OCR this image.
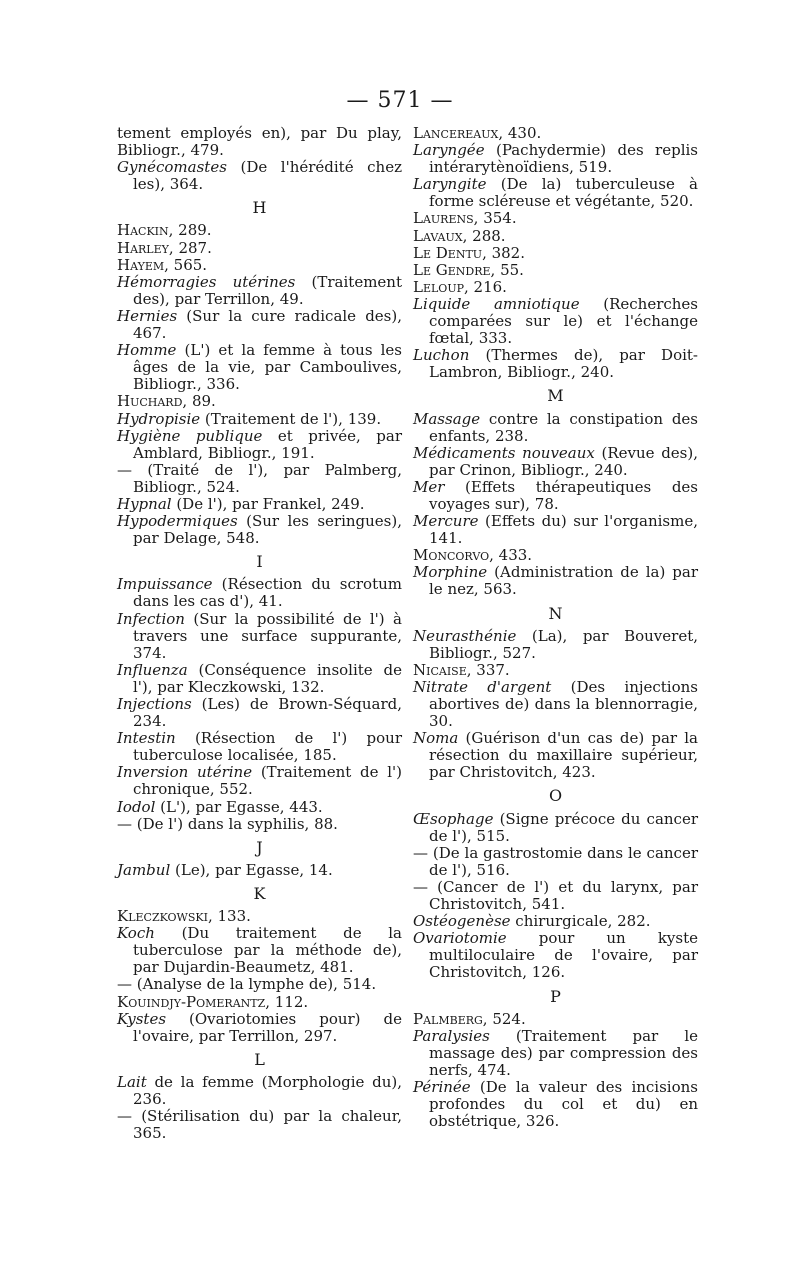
— 571 —

tement employés en), par Du play, Bibliogr., 479.

Gynécomastes (De l'hérédité chez les), 364.

H

Hackin, 289.

Harley, 287.

Hayem, 565.

Hémorragies utérines (Traitement des), par Terrillon, 49.

Hernies (Sur la cure radicale des), 467.

Homme (L') et la femme à tous les âges de la vie, par Camboulives, Bibliogr., 336.

Huchard, 89.

Hydropisie (Traitement de l'), 139.

Hygiène publique et privée, par Amblard, Bibliogr., 191.

— (Traité de l'), par Palmberg, Bibliogr., 524.

Hypnal (De l'), par Frankel, 249.

Hypodermiques (Sur les seringues), par Delage, 548.

I

Impuissance (Résection du scrotum dans les cas d'), 41.

Infection (Sur la possibilité de l') à travers une surface suppurante, 374.

Influenza (Conséquence insolite de l'), par Kleczkowski, 132.

Injections (Les) de Brown-Séquard, 234.

Intestin (Résection de l') pour tuberculose localisée, 185.

Inversion utérine (Traitement de l') chronique, 552.

Iodol (L'), par Egasse, 443.

— (De l') dans la syphilis, 88.

J

Jambul (Le), par Egasse, 14.

K

Kleczkowski, 133.

Koch (Du traitement de la tuberculose par la méthode de), par Dujardin-Beaumetz, 481.

— (Analyse de la lymphe de), 514.

Kouindjy-Pomerantz, 112.

Kystes (Ovariotomies pour) de l'ovaire, par Terrillon, 297.

L

Lait de la femme (Morphologie du), 236.

— (Stérilisation du) par la chaleur, 365.

Lancereaux, 430.

Laryngée (Pachydermie) des replis intérarytènoïdiens, 519.

Laryngite (De la) tuberculeuse à forme scléreuse et végétante, 520.

Laurens, 354.

Lavaux, 288.

Le Dentu, 382.

Le Gendre, 55.

Leloup, 216.

Liquide amniotique (Recherches comparées sur le) et l'échange fœtal, 333.

Luchon (Thermes de), par Doit-Lambron, Bibliogr., 240.

M

Massage contre la constipation des enfants, 238.

Médicaments nouveaux (Revue des), par Crinon, Bibliogr., 240.

Mer (Effets thérapeutiques des voyages sur), 78.

Mercure (Effets du) sur l'organisme, 141.

Moncorvo, 433.

Morphine (Administration de la) par le nez, 563.

N

Neurasthénie (La), par Bouveret, Bibliogr., 527.

Nicaise, 337.

Nitrate d'argent (Des injections abortives de) dans la blennorragie, 30.

Noma (Guérison d'un cas de) par la résection du maxillaire supérieur, par Christovitch, 423.

O

Œsophage (Signe précoce du cancer de l'), 515.

— (De la gastrostomie dans le cancer de l'), 516.

— (Cancer de l') et du larynx, par Christovitch, 541.

Ostéogenèse chirurgicale, 282.

Ovariotomie pour un kyste multiloculaire de l'ovaire, par Christovitch, 126.

P

Palmberg, 524.

Paralysies (Traitement par le massage des) par compression des nerfs, 474.

Périnée (De la valeur des incisions profondes du col et du) en obstétrique, 326.
